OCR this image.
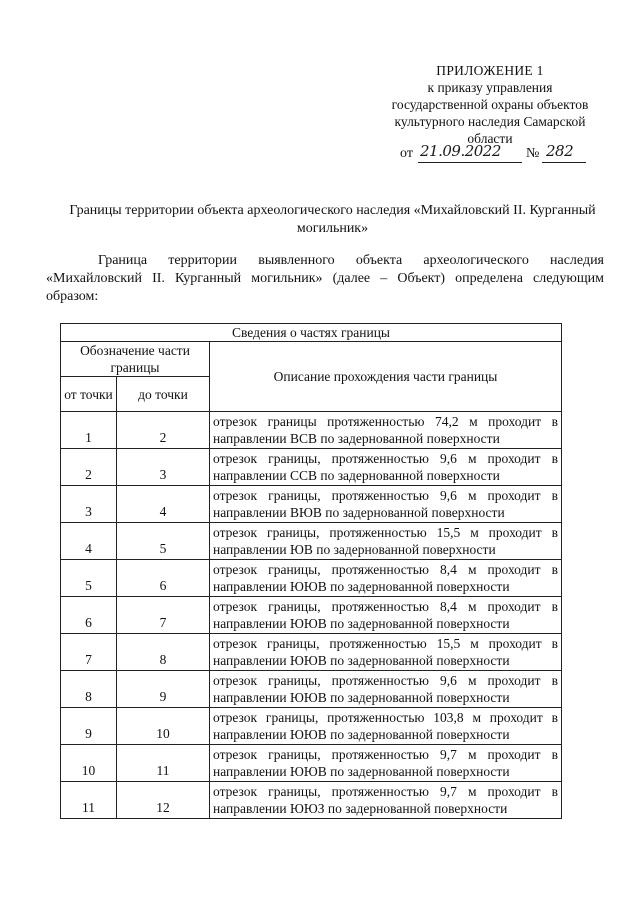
ПРИЛОЖЕНИЕ 1
к приказу управления
государственной охраны объектов
культурного наследия Самарской
области
от 21.09.2022 № 282
Границы территории объекта археологического наследия «Михайловский II. Курганный могильник»
Граница территории выявленного объекта археологического наследия «Михайловский II. Курганный могильник» (далее – Объект) определена следующим образом:
Сведения о частях границы		
Обозначение части границы		Описание прохождения части границы
от точки	до точки	
1	2	отрезок границы протяженностью 74,2 м проходит в направлении ВСВ по задернованной поверхности
2	3	отрезок границы, протяженностью 9,6 м проходит в направлении ССВ по задернованной поверхности
3	4	отрезок границы, протяженностью 9,6 м проходит в направлении ВЮВ по задернованной поверхности
4	5	отрезок границы, протяженностью 15,5 м проходит в направлении ЮВ по задернованной поверхности
5	6	отрезок границы, протяженностью 8,4 м проходит в направлении ЮЮВ по задернованной поверхности
6	7	отрезок границы, протяженностью 8,4 м проходит в направлении ЮЮВ по задернованной поверхности
7	8	отрезок границы, протяженностью 15,5 м проходит в направлении ЮЮВ по задернованной поверхности
8	9	отрезок границы, протяженностью 9,6 м проходит в направлении ЮЮВ по задернованной поверхности
9	10	отрезок границы, протяженностью 103,8 м проходит в направлении ЮЮВ по задернованной поверхности
10	11	отрезок границы, протяженностью 9,7 м проходит в направлении ЮЮВ по задернованной поверхности
11	12	отрезок границы, протяженностью 9,7 м проходит в направлении ЮЮЗ по задернованной поверхности
